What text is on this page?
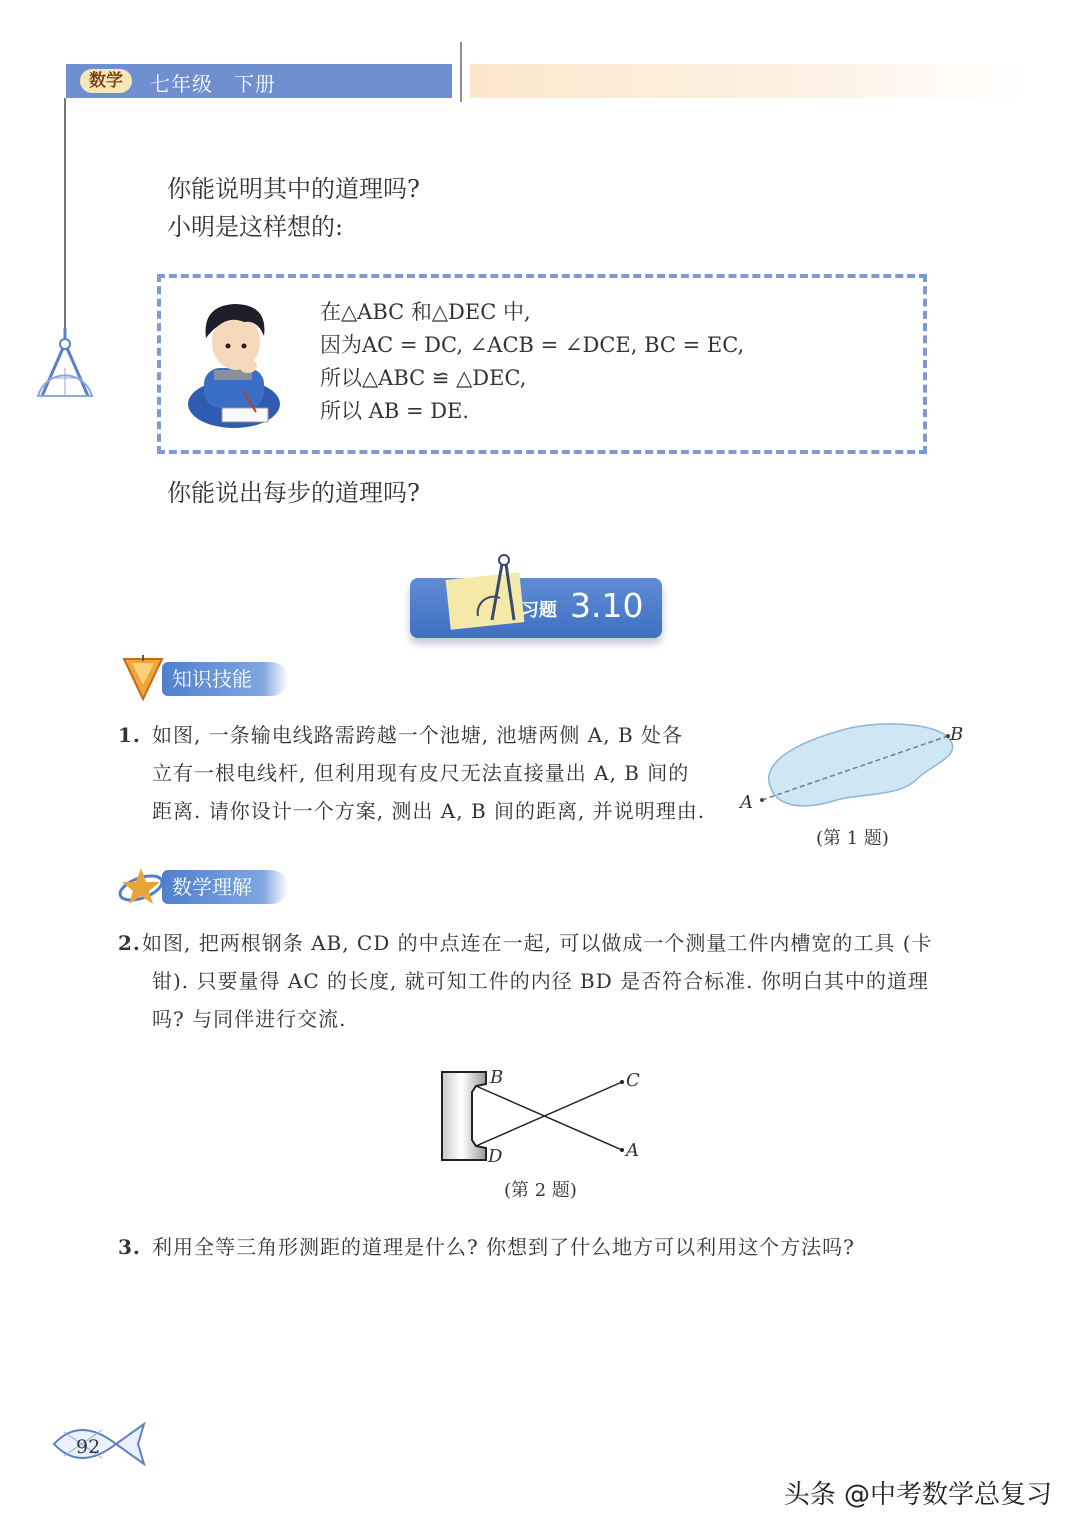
数学	七年级　下册
你能说明其中的道理吗?
小明是这样想的:
在△ABC 和△DEC 中,
因为AC = DC, ∠ACB = ∠DCE, BC = EC,
所以△ABC ≌ △DEC,
所以 AB = DE.
你能说出每步的道理吗?
习题 3.10
知识技能
1. 如图, 一条输电线路需跨越一个池塘, 池塘两侧 A, B 处各
立有一根电线杆, 但利用现有皮尺无法直接量出 A, B 间的
距离. 请你设计一个方案, 测出 A, B 间的距离, 并说明理由. A
B
(第 1 题)
数学理解
2. 如图, 把两根钢条 AB, CD 的中点连在一起, 可以做成一个测量工件内槽宽的工具 (卡
钳). 只要量得 AC 的长度, 就可知工件的内径 BD 是否符合标准. 你明白其中的道理
吗? 与同伴进行交流.
B
D
C
A
(第 2 题)
3. 利用全等三角形测距的道理是什么? 你想到了什么地方可以利用这个方法吗?
92
头条 @中考数学总复习
